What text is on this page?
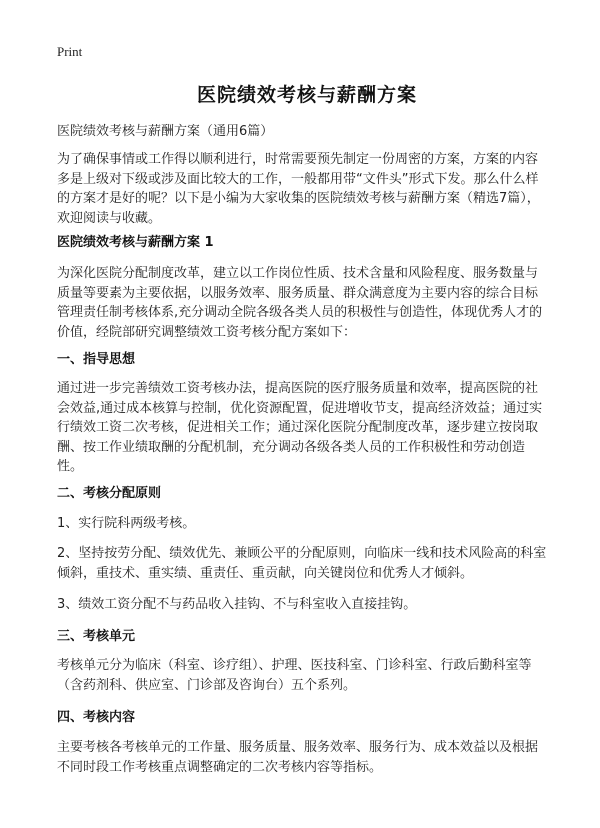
Print
医院绩效考核与薪酬方案
医院绩效考核与薪酬方案（通用6篇）
为了确保事情或工作得以顺利进行，时常需要预先制定一份周密的方案，方案的内容多是上级对下级或涉及面比较大的工作，一般都用带“文件头”形式下发。那么什么样的方案才是好的呢？以下是小编为大家收集的医院绩效考核与薪酬方案（精选7篇），欢迎阅读与收藏。
医院绩效考核与薪酬方案 1
为深化医院分配制度改革，建立以工作岗位性质、技术含量和风险程度、服务数量与质量等要素为主要依据，以服务效率、服务质量、群众满意度为主要内容的综合目标管理责任制考核体系,充分调动全院各级各类人员的积极性与创造性，体现优秀人才的价值，经院部研究调整绩效工资考核分配方案如下：
一、指导思想
通过进一步完善绩效工资考核办法，提高医院的医疗服务质量和效率，提高医院的社会效益,通过成本核算与控制，优化资源配置，促进增收节支，提高经济效益；通过实行绩效工资二次考核，促进相关工作；通过深化医院分配制度改革，逐步建立按岗取酬、按工作业绩取酬的分配机制，充分调动各级各类人员的工作积极性和劳动创造性。
二、考核分配原则
1、实行院科两级考核。
2、坚持按劳分配、绩效优先、兼顾公平的分配原则，向临床一线和技术风险高的科室倾斜，重技术、重实绩、重责任、重贡献，向关键岗位和优秀人才倾斜。
3、绩效工资分配不与药品收入挂钩、不与科室收入直接挂钩。
三、考核单元
考核单元分为临床（科室、诊疗组）、护理、医技科室、门诊科室、行政后勤科室等（含药剂科、供应室、门诊部及咨询台）五个系列。
四、考核内容
主要考核各考核单元的工作量、服务质量、服务效率、服务行为、成本效益以及根据不同时段工作考核重点调整确定的二次考核内容等指标。
